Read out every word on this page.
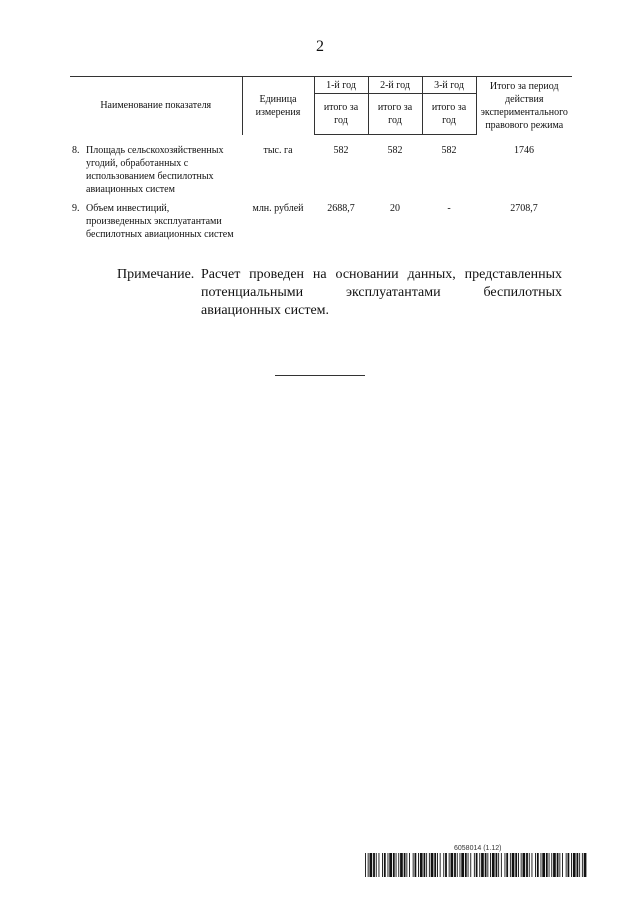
2
Наименование показателя	Единица измерения	1-й год	2-й год	3-й год	Итого за период действия экспериментального правового режима
		итого за год	итого за год	итого за год	

8. Площадь сельскохозяйственных угодий, обработанных с использованием беспилотных авиационных систем	тыс. га	582	582	582	1746
9. Объем инвестиций, произведенных эксплуатантами беспилотных авиационных систем	млн. рублей	2688,7	20	-	2708,7
Примечание. Расчет проведен на основании данных, представленных потенциальными эксплуатантами беспилотных авиационных систем.
6058014 (1.12)
